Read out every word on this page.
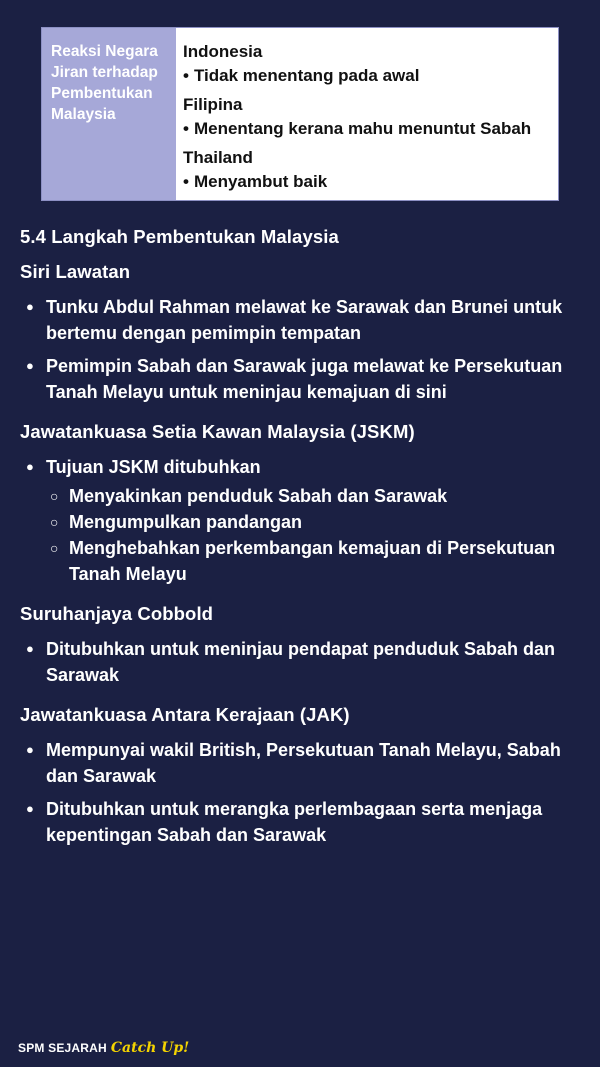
Reaksi Negara Jiran terhadap Pembentukan Malaysia
Indonesia
• Tidak menentang pada awal
Filipina
• Menentang kerana mahu menuntut Sabah
Thailand
• Menyambut baik
5.4 Langkah Pembentukan Malaysia
Siri Lawatan
● Tunku Abdul Rahman melawat ke Sarawak dan Brunei untuk bertemu dengan pemimpin tempatan
● Pemimpin Sabah dan Sarawak juga melawat ke Persekutuan Tanah Melayu untuk meninjau kemajuan di sini
Jawatankuasa Setia Kawan Malaysia (JSKM)
● Tujuan JSKM ditubuhkan
○ Menyakinkan penduduk Sabah dan Sarawak
○ Mengumpulkan pandangan
○ Menghebahkan perkembangan kemajuan di Persekutuan Tanah Melayu
Suruhanjaya Cobbold
● Ditubuhkan untuk meninjau pendapat penduduk Sabah dan Sarawak
Jawatankuasa Antara Kerajaan (JAK)
● Mempunyai wakil British, Persekutuan Tanah Melayu, Sabah dan Sarawak
● Ditubuhkan untuk merangka perlembagaan serta menjaga kepentingan Sabah dan Sarawak
SPM SEJARAH Catch Up!
